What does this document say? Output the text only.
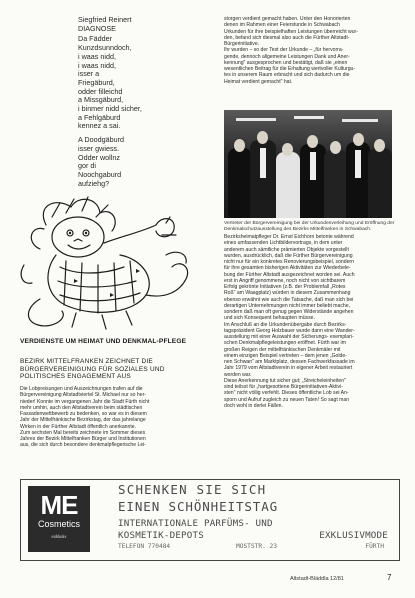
Siegfried Reinert
DIAGNOSE
Da Fädder
Kunzdsunndoch,
i waas nidd,
i waas nidd,
isser a
Friegäburd,
odder filleichd
a Missgäburd,
i binmer nidd sicher,
a Fehlgäburd
kennez a sai.
A Doodgäburd
isser gwiess.
Odder wollnz
gor di
Noochgaburd
aufziehg?

storgen verdient gemacht haben. Unter den Honorierten

denen im Rahmen einer Feierstunde in Schwabach

Urkunden für ihre beispielhaften Leistungen überreicht wur-

den, befand sich diesmal also auch die Fürther Altstadt-

Bürgerinitiative.

Ihr wurden – so der Text der Urkunde – „für hervorra-

gende, dennoch allgemeine Leistungen Dank und Aner-

kennung" ausgesprochen und bestätigt, daß sie „einen

wesentlichen Beitrag für die Erhaltung wertvoller Kulturgu-

tes in unserem Raum erbracht und sich dadurch um die

Heimat verdient gemacht" hat.

Vertreter der Bürgervereinigung bei der Urkundenverleihung und Eröffnung der Denkmalschutzausstellung des Bezirks Mittelfranken in Schwabach.
VERDIENSTE UM HEIMAT UND DENKMAL-PFLEGE
BEZIRK MITTELFRANKEN ZEICHNET DIE BÜRGERVEREINIGUNG FÜR SOZIALES UND POLITISCHES ENGAGEMENT AUS

Die Lobpreisungen und Auszeichnungen trafen auf die

Bürgervereinigung Altstadtviertel St. Michael nur so her-

nieder! Konnte im vergangenen Jahr die Stadt Fürth nicht

mehr umhin, auch den Altstadtverein beim städtischen

Fassadenwettbewerb zu bedenken, so war es in diesem

Jahr der Mittelfränkische Bezirkstag, der das jahrelange

Wirken in der Fürther Altstadt öffentlich anerkannte.

Zum sechsten Mal bereits zeichnete im Sommer dieses

Jahres der Bezirk Mittelfranken Bürger und Institutionen

aus, die sich durch besondere denkmalpflegerische Lei-

Bezirksheimatpfleger Dr. Ernst Eichhorn betonte während

eines umfassenden Lichtbildervortrags, in dem unter

anderem auch sämtliche prämierten Objekte vorgestellt

wurden, ausdrücklich, daß die Fürther Bürgervereinigung

nicht nur für ein konkretes Renovierungsbeispiel, sondern

für ihre gesamten bisherigen Aktivitäten zur Wiederbele-

bung der Fürther Altstadt ausgezeichnet worden sei. Auch

erst in Angriff genommene, noch nicht von sichtbarem

Erfolg gekrönte Initiativen (z.B. der Problemfall „Rotes

Roß" am Waagplatz) würden in diesem Zusammenhang

ebenso erwähnt wie auch die Tatsache, daß man sich bei

derartigen Unternehmungen nicht immer beliebt mache,

sondern daß man oft genug gegen Widerstände angehen

und sich Konsequent behaupten müsse.

Im Anschluß an die Urkundenübergabe durch Bezirks-

tagspräsident Georg Holzbauer wurde dann eine Wander-

ausstellung mit einer Auswahl der Sicherungs- exemplari-

schen Denkmalpflegeleistungen eröffnet. Fürth war im

großen Reigen der mittelfränkischen Denkmäler mit

einem einzigen Beispiel vertreten – dem jenen „Golde-

nen Schwan" am Marktplatz, dessen Fachwerkfassade im

Jahr 1979 vom Altstadtverein in eigener Arbeit restauriert

worden war.

Diese Anerkennung tut sicher gut; „Streicheleinheiten"

sind teilsst für „hartgesottene Bürgerinitiativen-Aktivi-

sten" nicht völlig verfehlt. Dieses öffentliche Lob sei An-

sporn und Aufruf zugleich zu neuen Taten! So sagt man

doch wohl in derlei Fällen.

ME
Cosmetics
exklusiv
SCHENKEN SIE SICH
EINEN SCHÖNHEITSTAG
INTERNATIONALE PARFÜMS- UND
KOSMETIK-DEPOTS	EXKLUSIVMODE
TELEFON 770484	MOSTSTR. 23	FÜRTH
Altstadt-Bläddla 12/81	7
